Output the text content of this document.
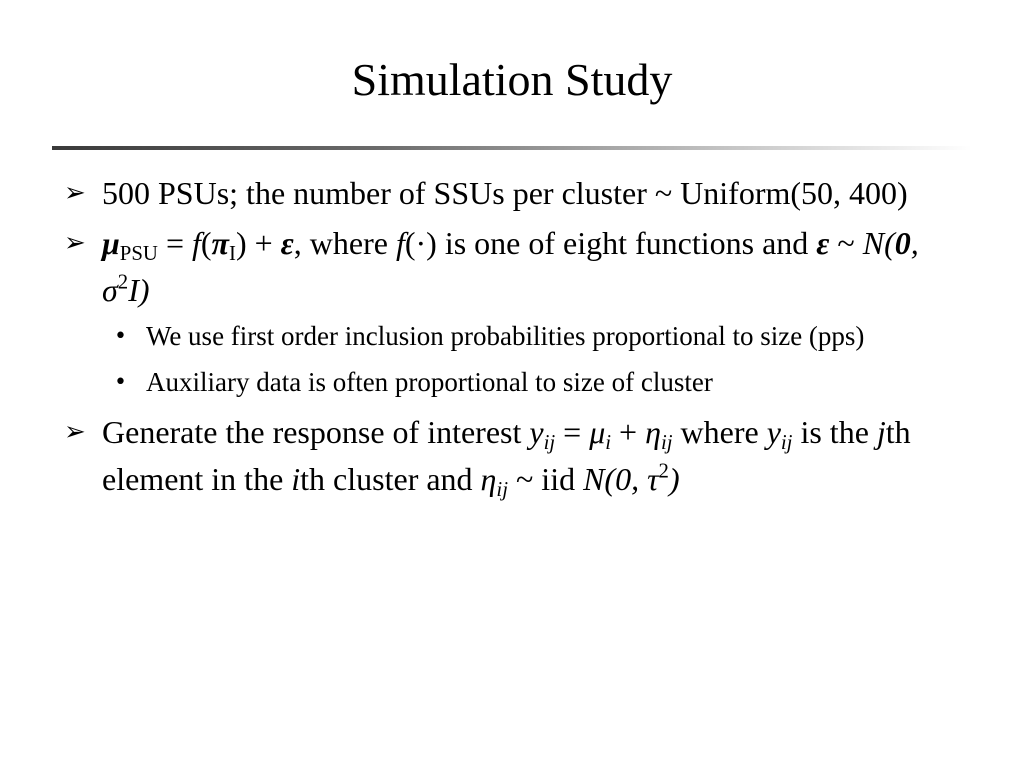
Simulation Study
➢ 500 PSUs; the number of SSUs per cluster ~ Uniform(50, 400)
➢ $\mu_{PSU} = f(\pi_I) + \varepsilon$, where f(·) is one of eight functions and ε ~ N(0, $\sigma^2I$)
• We use first order inclusion probabilities proportional to size (pps)
• Auxiliary data is often proportional to size of cluster
➢ Generate the response of interest $y_{ij} = \mu_i + \eta_{ij}$ where $y_{ij}$ is the jth element in the ith cluster and $\eta_{ij}$ ~ iid N(0, $\tau^2$)
